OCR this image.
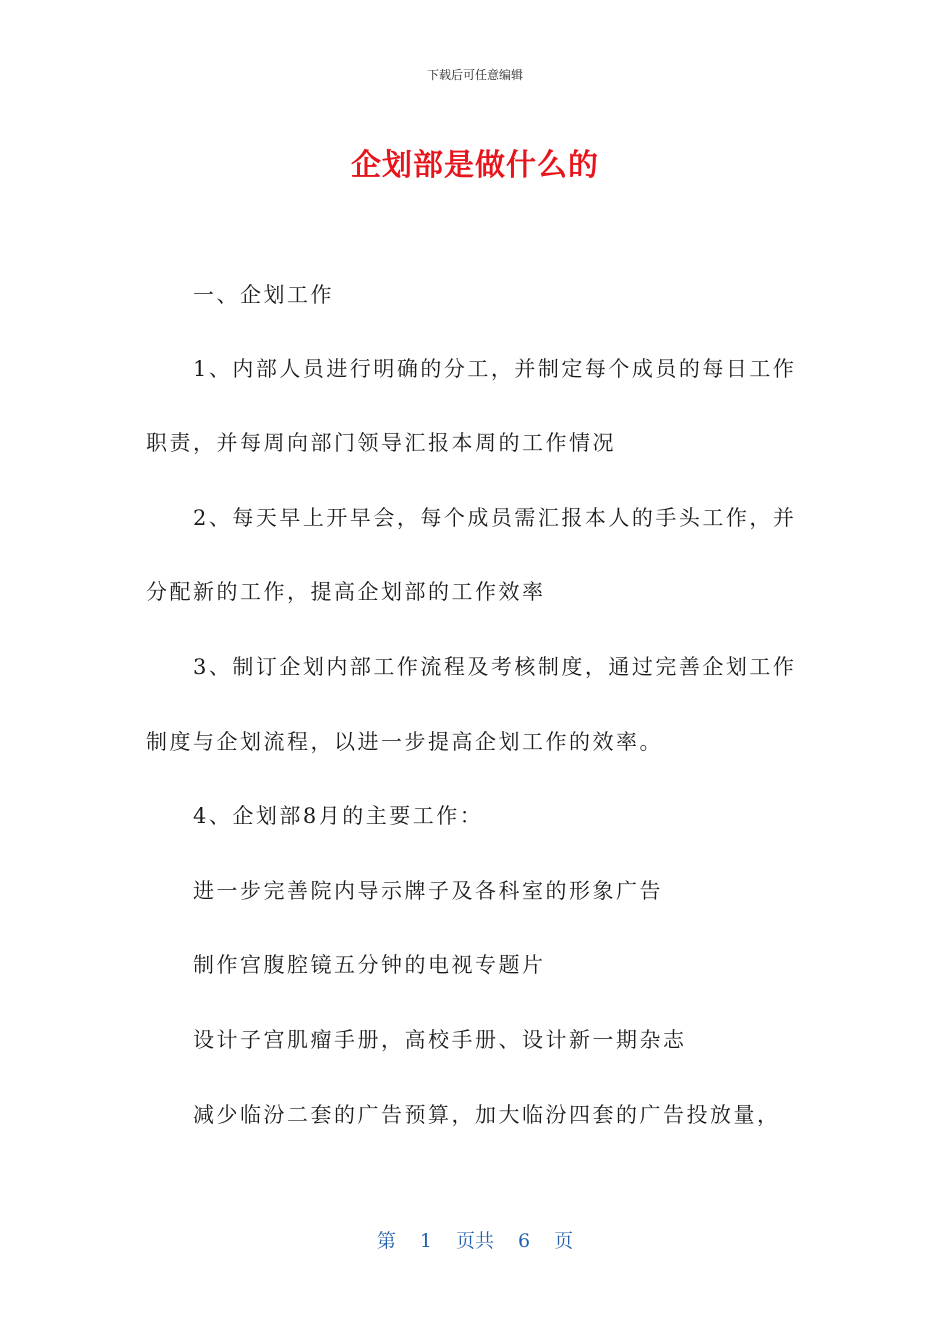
下载后可任意编辑
企划部是做什么的
一、企划工作
1、内部人员进行明确的分工，并制定每个成员的每日工作
职责，并每周向部门领导汇报本周的工作情况
2、每天早上开早会，每个成员需汇报本人的手头工作，并
分配新的工作，提高企划部的工作效率
3、制订企划内部工作流程及考核制度，通过完善企划工作
制度与企划流程，以进一步提高企划工作的效率。
4、企划部8月的主要工作：
进一步完善院内导示牌子及各科室的形象广告
制作宫腹腔镜五分钟的电视专题片
设计子宫肌瘤手册，高校手册、设计新一期杂志
减少临汾二套的广告预算，加大临汾四套的广告投放量，
第 1 页共 6 页
